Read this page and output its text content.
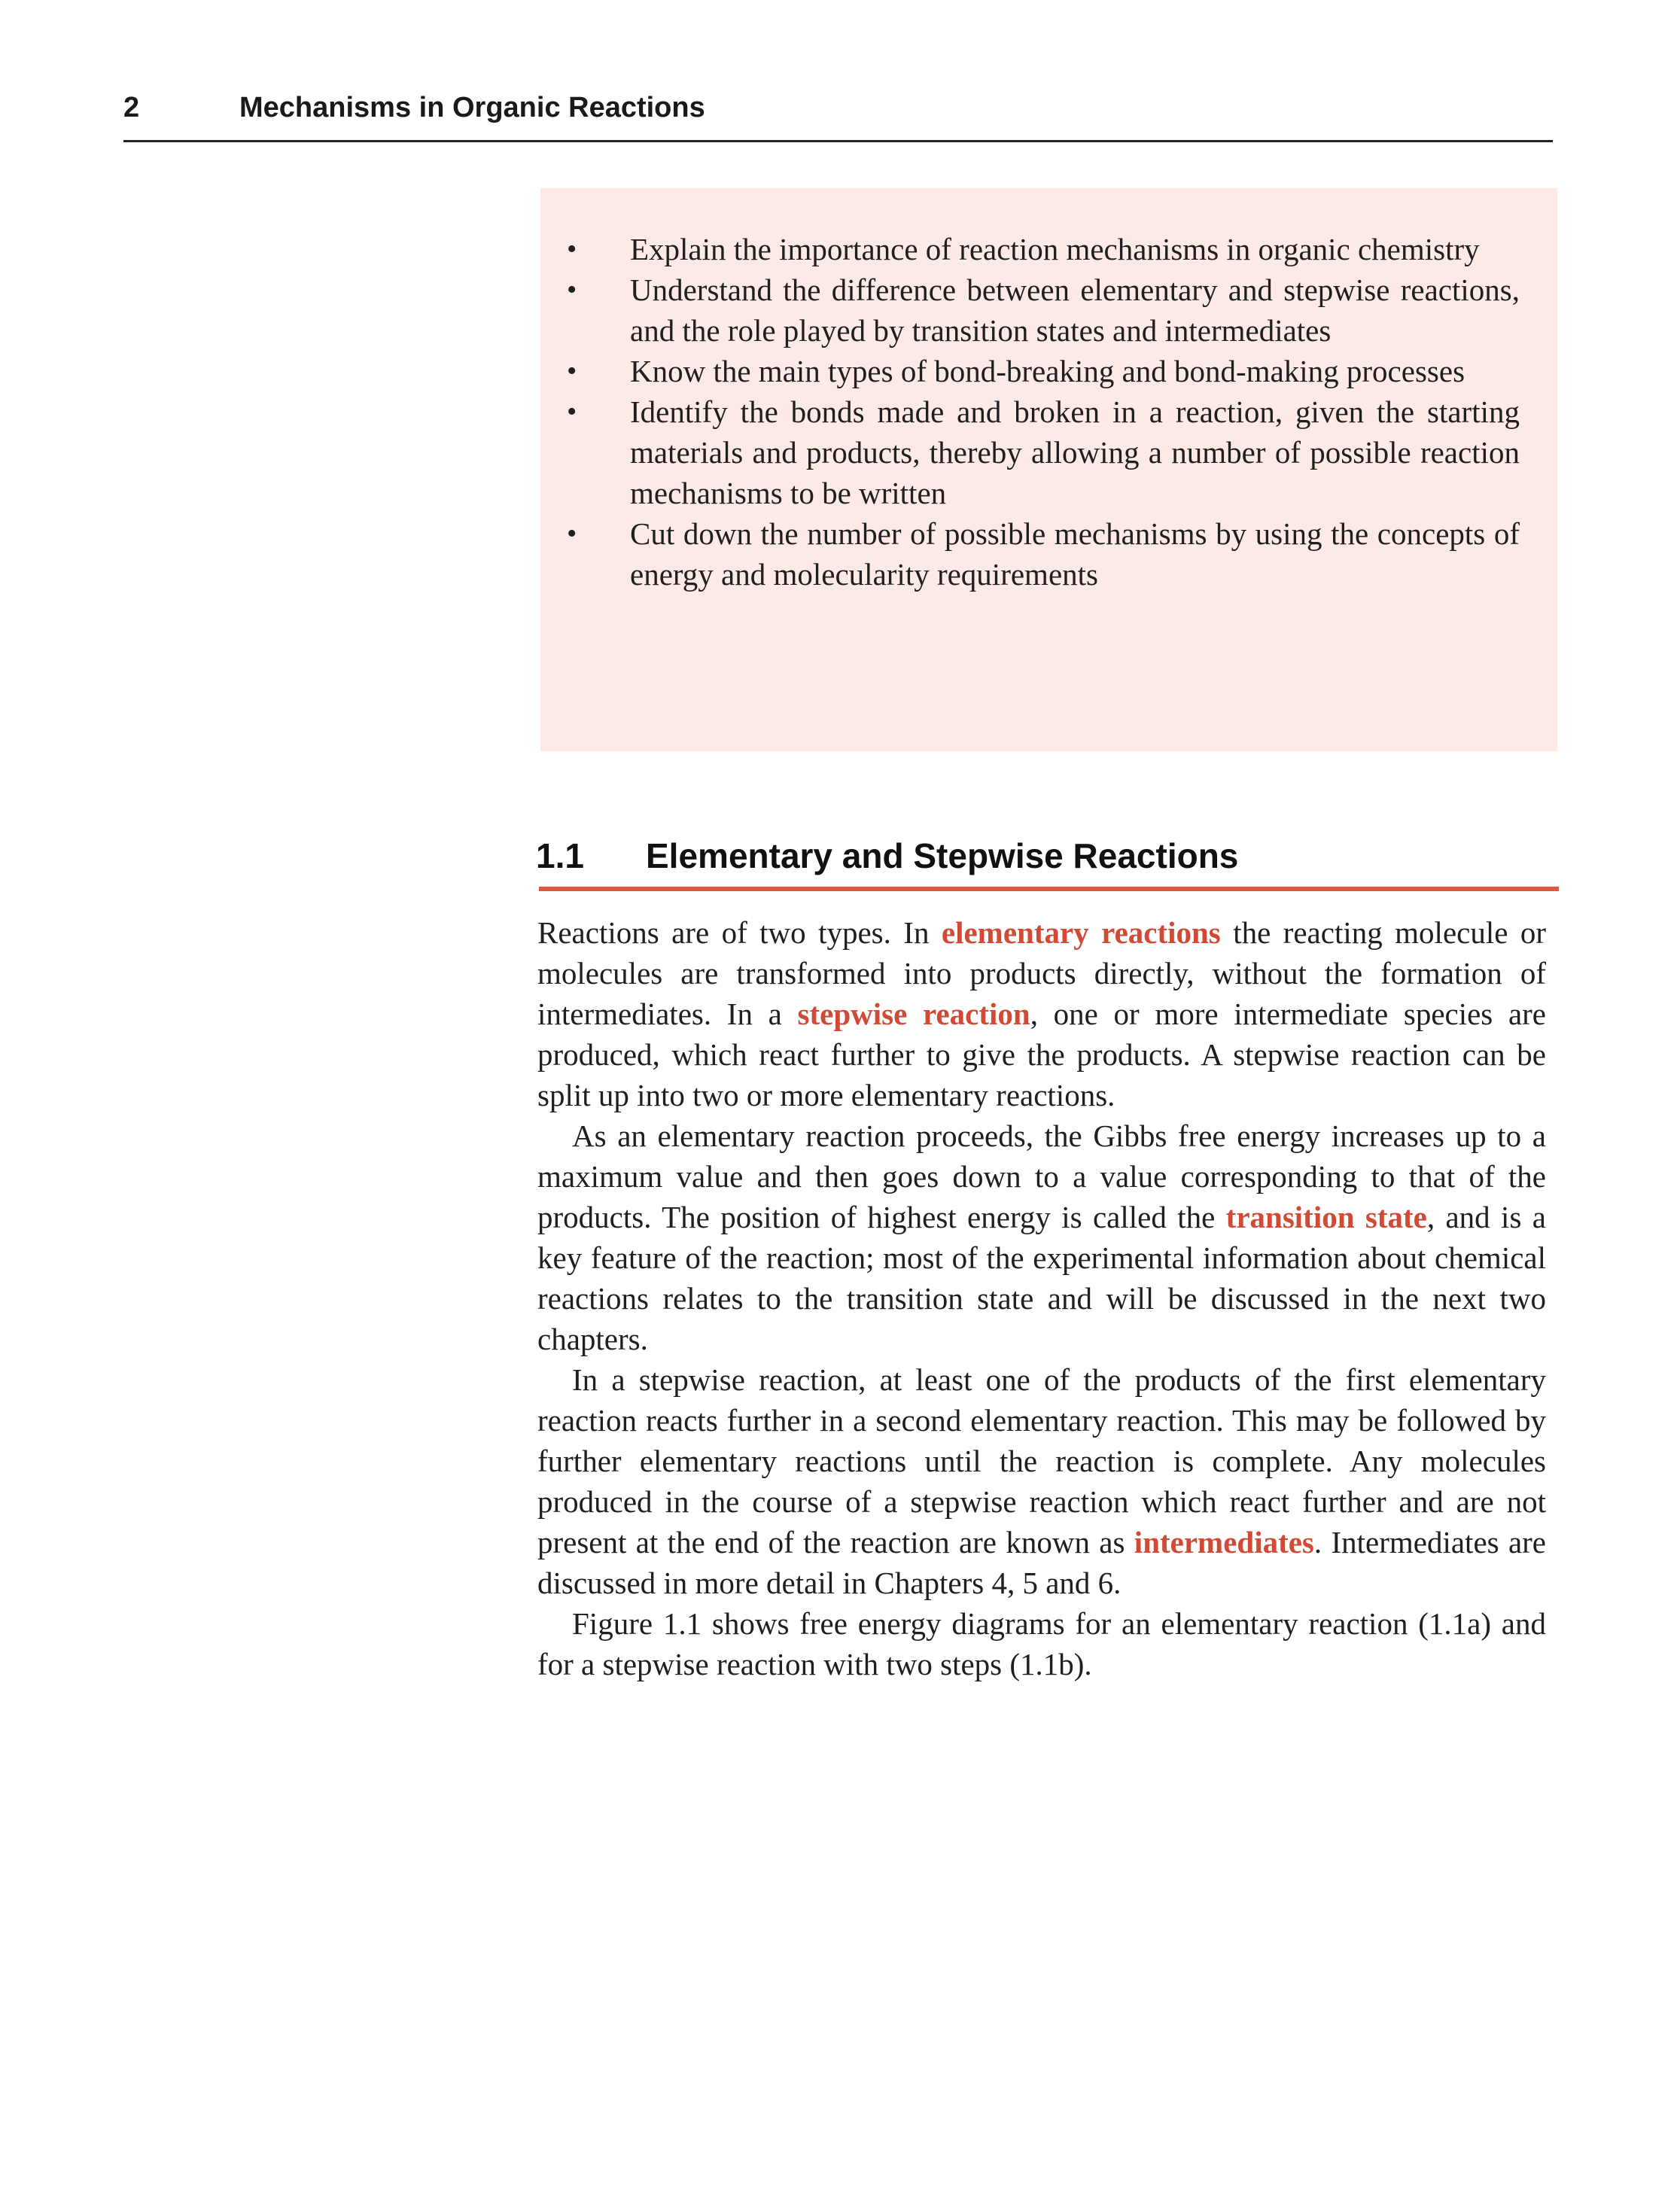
2	Mechanisms in Organic Reactions
• Explain the importance of reaction mechanisms in organic chemistry
• Understand the difference between elementary and stepwise reactions, and the role played by transition states and intermediates
• Know the main types of bond-breaking and bond-making processes
• Identify the bonds made and broken in a reaction, given the starting materials and products, thereby allowing a number of possible reaction mechanisms to be written
• Cut down the number of possible mechanisms by using the concepts of energy and molecularity requirements
1.1 Elementary and Stepwise Reactions

Reactions are of two types. In elementary reactions the reacting molecule or molecules are transformed into products directly, without the formation of intermediates. In a stepwise reaction, one or more intermediate species are produced, which react further to give the products. A stepwise reaction can be split up into two or more elementary reactions.

As an elementary reaction proceeds, the Gibbs free energy increases up to a maximum value and then goes down to a value corresponding to that of the products. The position of highest energy is called the transition state, and is a key feature of the reaction; most of the experimental information about chemical reactions relates to the transition state and will be discussed in the next two chapters.

In a stepwise reaction, at least one of the products of the first elementary reaction reacts further in a second elementary reaction. This may be followed by further elementary reactions until the reaction is complete. Any molecules produced in the course of a stepwise reaction which react further and are not present at the end of the reaction are known as intermediates. Intermediates are discussed in more detail in Chapters 4, 5 and 6.

Figure 1.1 shows free energy diagrams for an elementary reaction (1.1a) and for a stepwise reaction with two steps (1.1b).
